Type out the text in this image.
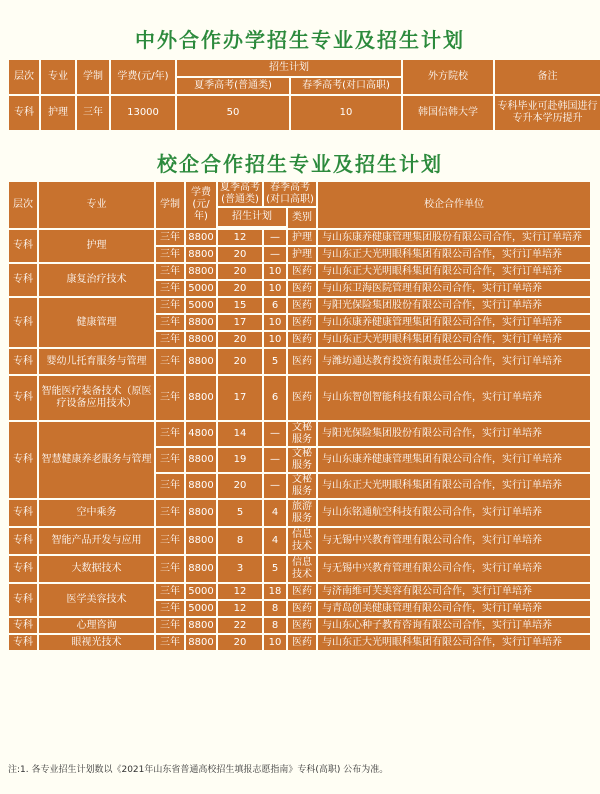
中外合作办学招生专业及招生计划
层次	专业	学制	学费(元/年)	招生计划		外方院校	备注
				夏季高考(普通类)	春季高考(对口高职)		
专科	护理	三年	13000	50	10	韩国信韩大学	专科毕业可赴韩国进行专升本学历提升
校企合作招生专业及招生计划
层次	专业	学制	学费(元/年)	夏季高考(普通类)	春季高考(对口高职)		校企合作单位
				招生计划		类别	

专科	护理	三年	8800	12	—	护理	与山东康养健康管理集团股份有限公司合作，实行订单培养
		三年	8800	20	—	护理	与山东正大光明眼科集团有限公司合作，实行订单培养
专科	康复治疗技术	三年	8800	20	10	医药	与山东正大光明眼科集团有限公司合作，实行订单培养
		三年	5000	20	10	医药	与山东卫海医院管理有限公司合作，实行订单培养
专科	健康管理	三年	5000	15	6	医药	与阳光保险集团股份有限公司合作，实行订单培养
		三年	8800	17	10	医药	与山东康养健康管理集团有限公司合作，实行订单培养
		三年	8800	20	10	医药	与山东正大光明眼科集团有限公司合作，实行订单培养
专科	婴幼儿托育服务与管理	三年	8800	20	5	医药	与潍坊通达教育投资有限责任公司合作，实行订单培养
专科	智能医疗装备技术（原医疗设备应用技术）	三年	8800	17	6	医药	与山东智创智能科技有限公司合作，实行订单培养
专科	智慧健康养老服务与管理	三年	4800	14	—	文秘服务	与阳光保险集团股份有限公司合作，实行订单培养
		三年	8800	19	—	文秘服务	与山东康养健康管理集团有限公司合作，实行订单培养
		三年	8800	20	—	文秘服务	与山东正大光明眼科集团有限公司合作，实行订单培养
专科	空中乘务	三年	8800	5	4	旅游服务	与山东铭通航空科技有限公司合作，实行订单培养
专科	智能产品开发与应用	三年	8800	8	4	信息技术	与无锡中兴教育管理有限公司合作，实行订单培养
专科	大数据技术	三年	8800	3	5	信息技术	与无锡中兴教育管理有限公司合作，实行订单培养
专科	医学美容技术	三年	5000	12	18	医药	与济南维可芙美容有限公司合作，实行订单培养
		三年	5000	12	8	医药	与青岛创美健康管理有限公司合作，实行订单培养
专科	心理咨询	三年	8800	22	8	医药	与山东心种子教育咨询有限公司合作，实行订单培养
专科	眼视光技术	三年	8800	20	10	医药	与山东正大光明眼科集团有限公司合作，实行订单培养
注:1. 各专业招生计划数以《2021年山东省普通高校招生填报志愿指南》专科(高职) 公布为准。
